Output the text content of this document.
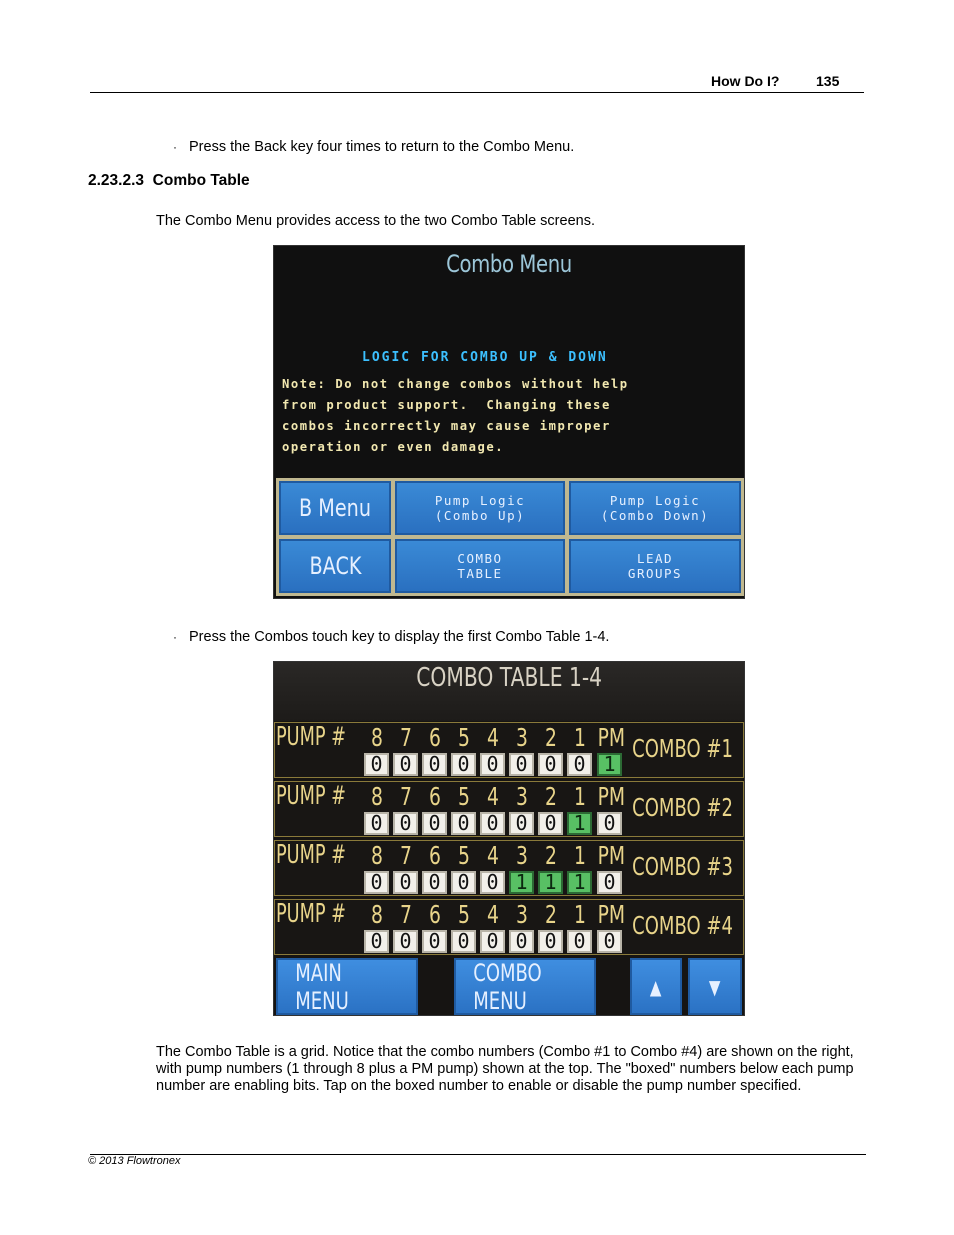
How Do I?	135
· Press the Back key four times to return to the Combo Menu.
2.23.2.3 Combo Table
The Combo Menu provides access to the two Combo Table screens.
Combo Menu
LOGIC FOR COMBO UP & DOWN
Note: Do not change combos without help
from product support.  Changing these
combos incorrectly may cause improper
operation or even damage.
B Menu	Pump Logic
(Combo Up)
Pump Logic
(Combo Down)
BACK	COMBO
TABLE
LEAD
GROUPS
· Press the Combos touch key to display the first Combo Table 1-4.
COMBO TABLE 1-4
PUMP # 8 7 6 5 4 3 2 1 PM
0 0 0 0 0 0 0 0 1
COMBO #1
PUMP # 8 7 6 5 4 3 2 1 PM
0 0 0 0 0 0 0 1 0
COMBO #2
PUMP # 8 7 6 5 4 3 2 1 PM
0 0 0 0 0 1 1 1 0
COMBO #3
PUMP # 8 7 6 5 4 3 2 1 PM
0 0 0 0 0 0 0 0 0
COMBO #4
MAIN MENU
COMBO MENU	▲ ▼
The Combo Table is a grid. Notice that the combo numbers (Combo #1 to Combo #4) are shown on the right, with pump numbers (1 through 8 plus a PM pump) shown at the top. The "boxed" numbers below each pump number are enabling bits. Tap on the boxed number to enable or disable the pump number specified.
© 2013 Flowtronex
